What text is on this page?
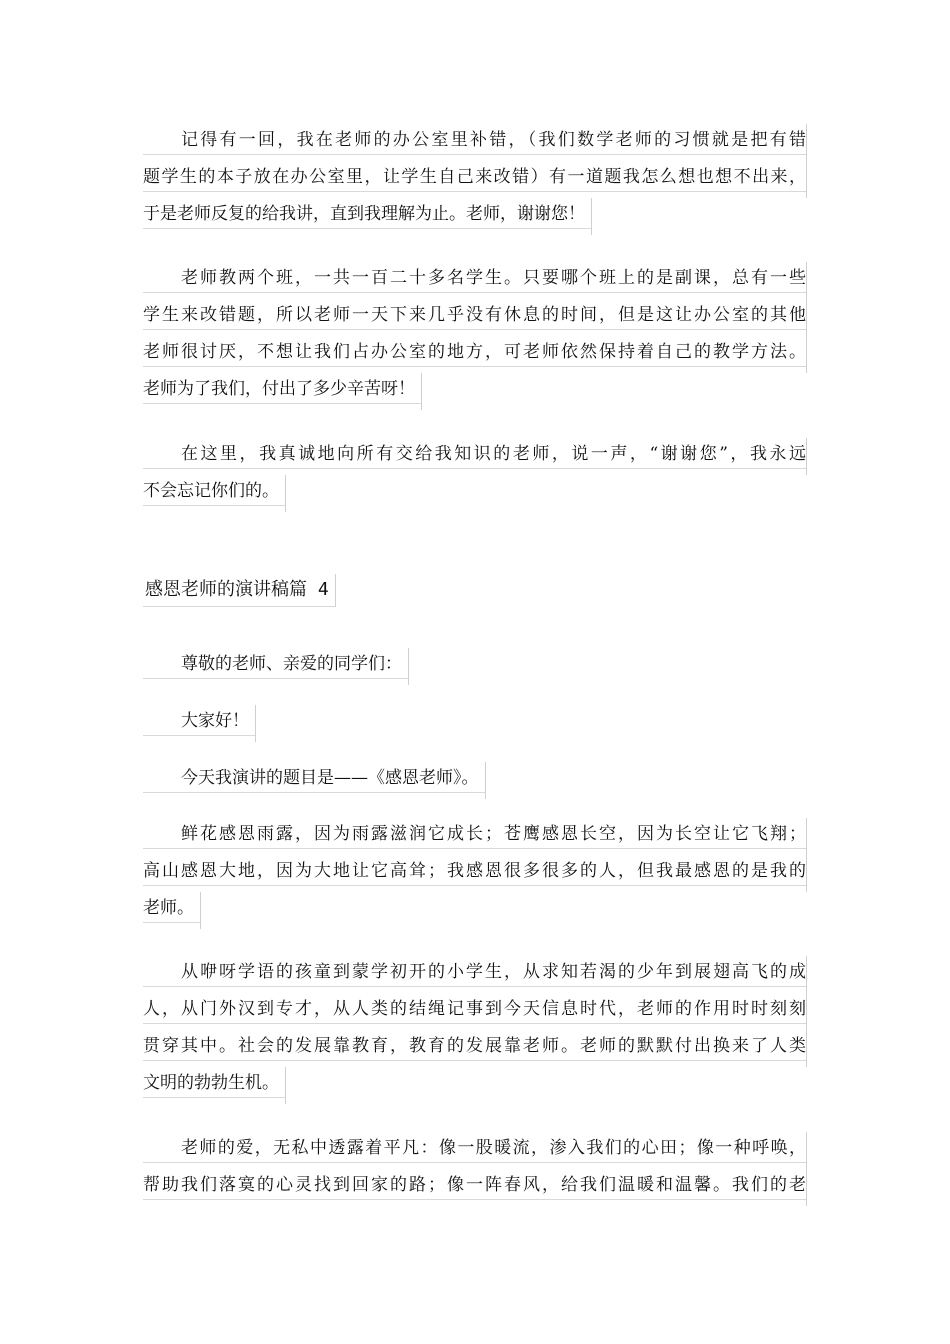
记得有一回，我在老师的办公室里补错，（我们数学老师的习惯就是把有错
题学生的本子放在办公室里，让学生自己来改错）有一道题我怎么想也想不出来，
于是老师反复的给我讲，直到我理解为止。老师，谢谢您！
老师教两个班，一共一百二十多名学生。只要哪个班上的是副课，总有一些
学生来改错题，所以老师一天下来几乎没有休息的时间，但是这让办公室的其他
老师很讨厌，不想让我们占办公室的地方，可老师依然保持着自己的教学方法。
老师为了我们，付出了多少辛苦呀！
在这里，我真诚地向所有交给我知识的老师，说一声，“谢谢您”，我永远
不会忘记你们的。
感恩老师的演讲稿篇 4
尊敬的老师、亲爱的同学们：
大家好！
今天我演讲的题目是——《感恩老师》。
鲜花感恩雨露，因为雨露滋润它成长；苍鹰感恩长空，因为长空让它飞翔；
高山感恩大地，因为大地让它高耸；我感恩很多很多的人，但我最感恩的是我的
老师。
从咿呀学语的孩童到蒙学初开的小学生，从求知若渴的少年到展翅高飞的成
人，从门外汉到专才，从人类的结绳记事到今天信息时代，老师的作用时时刻刻
贯穿其中。社会的发展靠教育，教育的发展靠老师。老师的默默付出换来了人类
文明的勃勃生机。
老师的爱，无私中透露着平凡：像一股暖流，渗入我们的心田；像一种呼唤，
帮助我们落寞的心灵找到回家的路；像一阵春风，给我们温暖和温馨。我们的老
